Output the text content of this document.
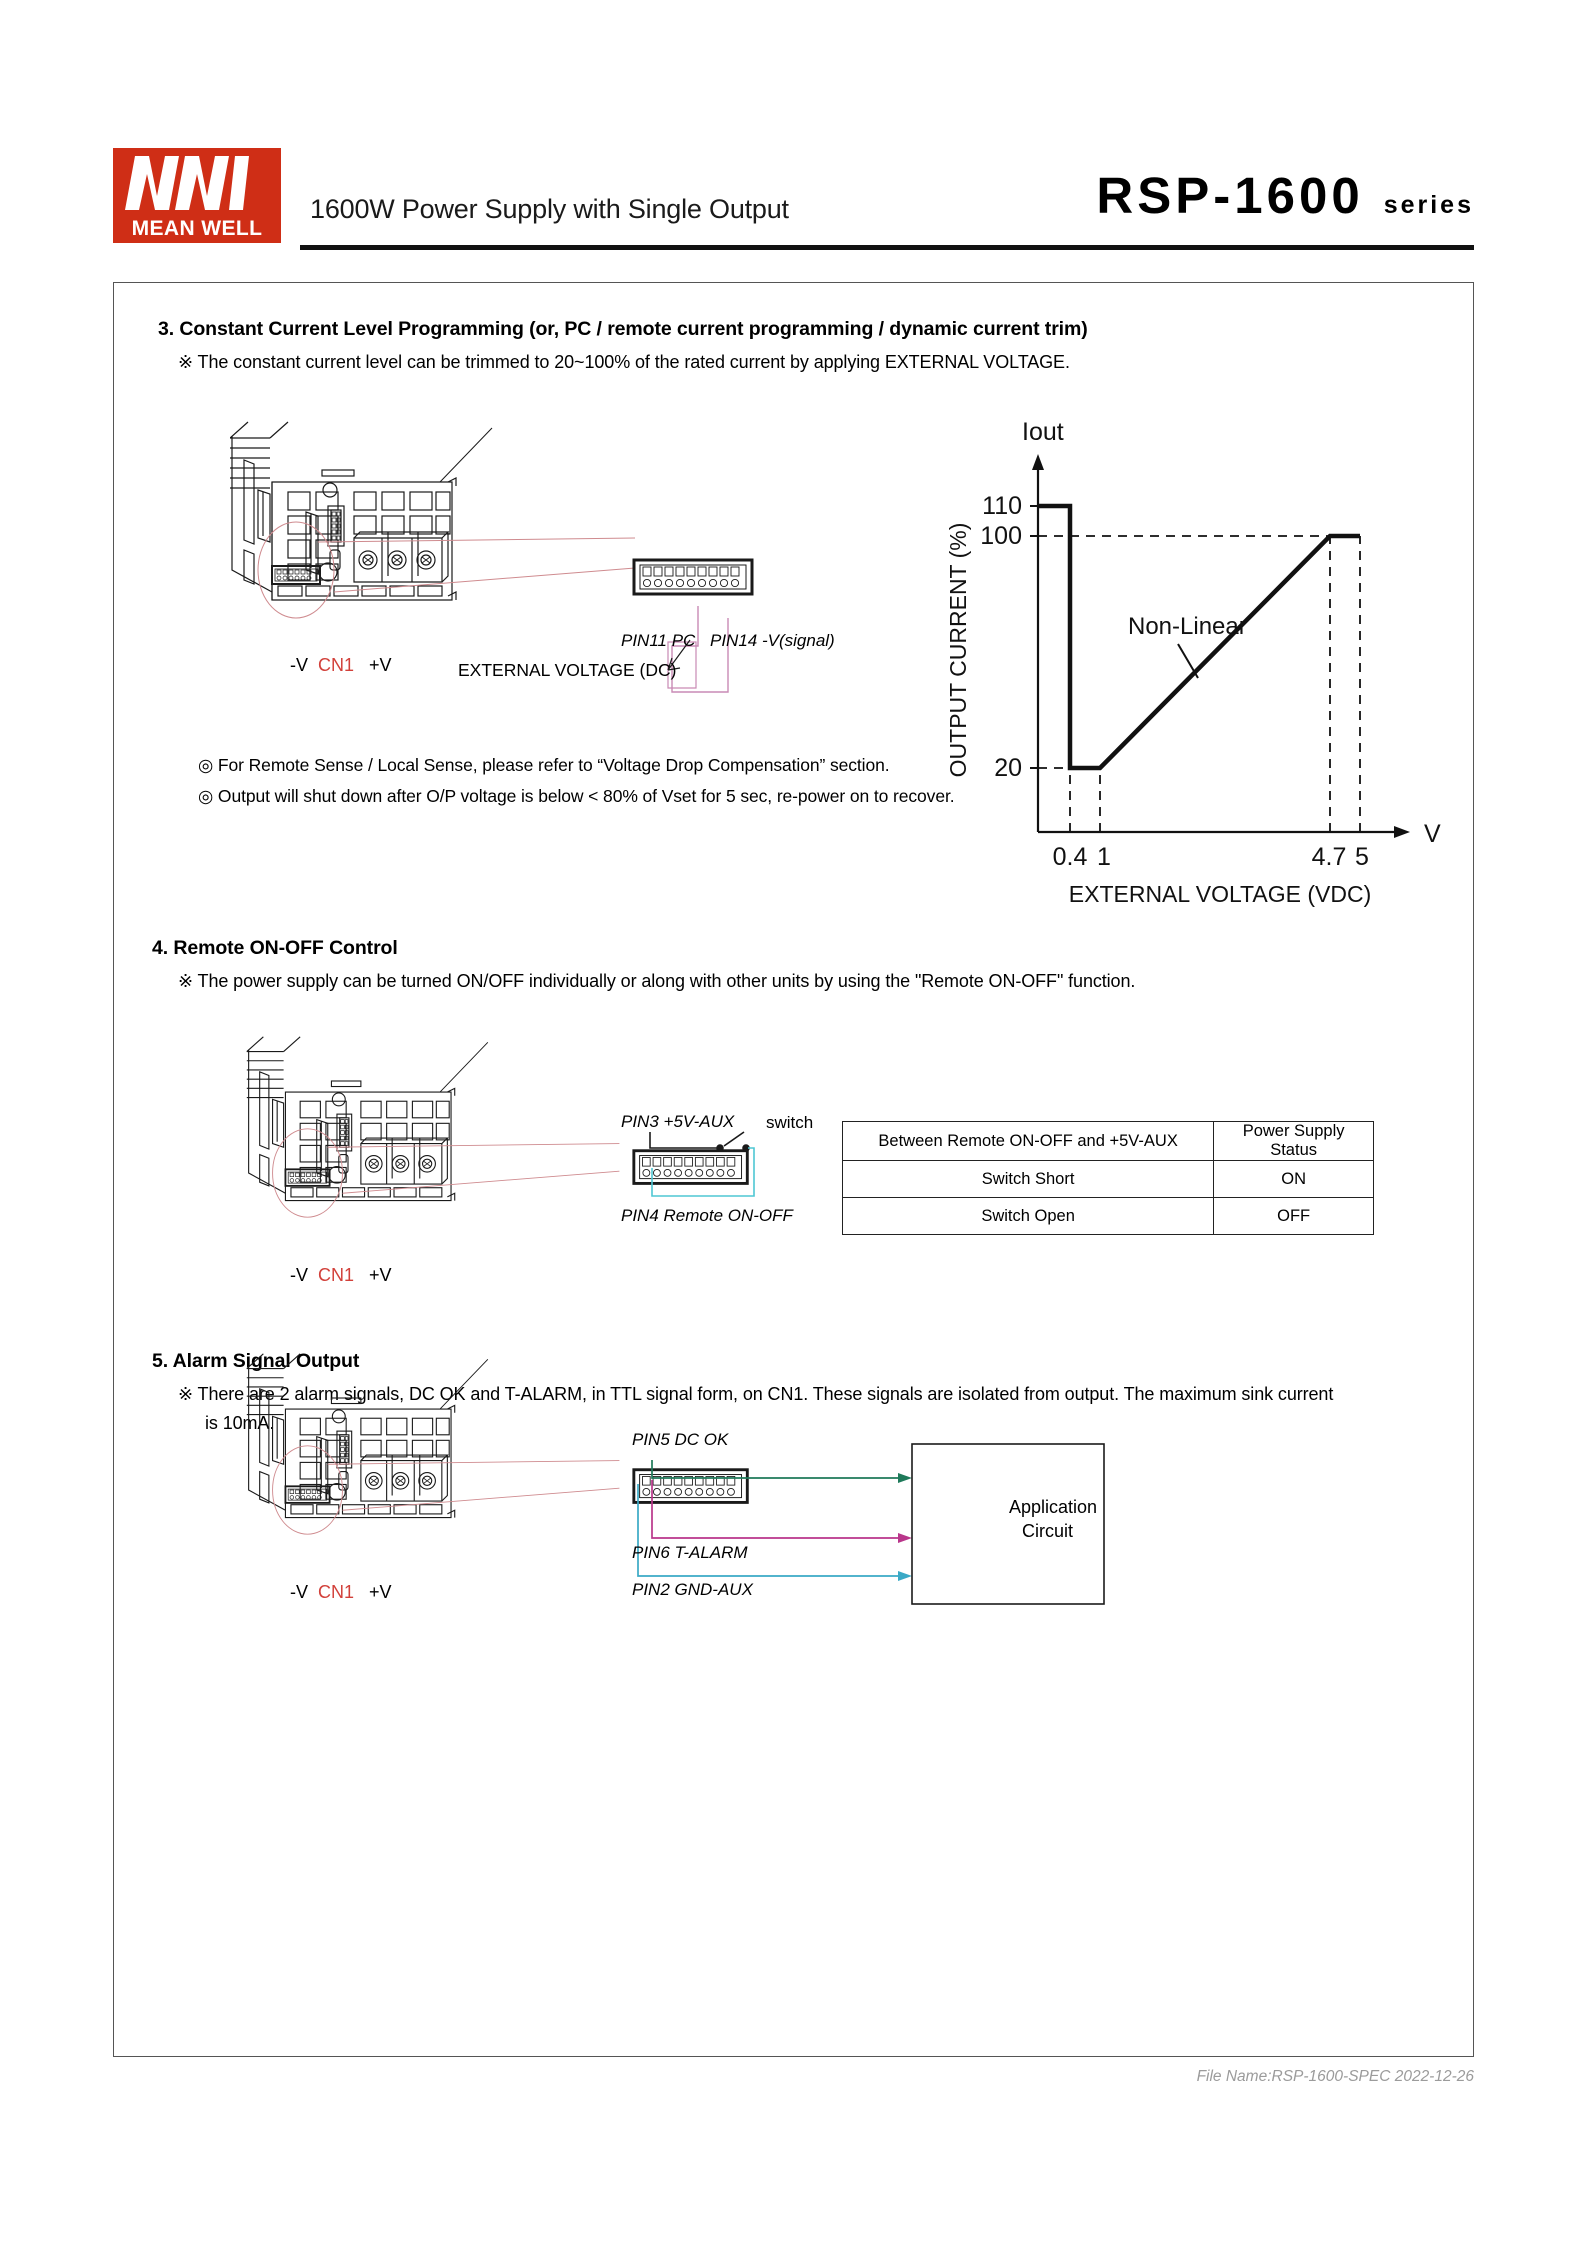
MEAN WELL
1600W Power Supply with Single Output	RSP-1600 series
3. Constant Current Level Programming (or, PC / remote current programming / dynamic current trim)
※ The constant current level can be trimmed to 20~100% of the rated current by applying EXTERNAL VOLTAGE.
-V CN1 +V
PIN11 PC PIN14 -V(signal)
EXTERNAL VOLTAGE (DC)
◎ For Remote Sense / Local Sense, please refer to “Voltage Drop Compensation” section.
◎ Output will shut down after O/P voltage is below < 80% of Vset for 5 sec, re-power on to recover.
110
100
20
0.4 1	4.7 5
Iout
V
OUTPUT CURRENT (%)
EXTERNAL VOLTAGE (VDC)
Non-Linear
4. Remote ON-OFF Control
※ The power supply can be turned ON/OFF individually or along with other units by using the "Remote ON-OFF" function.
-V CN1 +V
PIN3 +5V-AUX switch
PIN4 Remote ON-OFF
Between Remote ON-OFF and +5V-AUX	Power Supply Status
Switch Short	ON
Switch Open	OFF
5. Alarm Signal Output
※ There are 2 alarm signals, DC OK and T-ALARM, in TTL signal form, on CN1. These signals are isolated from output. The maximum sink current
is 10mA.
Application
Circuit
-V CN1 +V
PIN5 DC OK
PIN6 T-ALARM
PIN2 GND-AUX
File Name:RSP-1600-SPEC 2022-12-26
